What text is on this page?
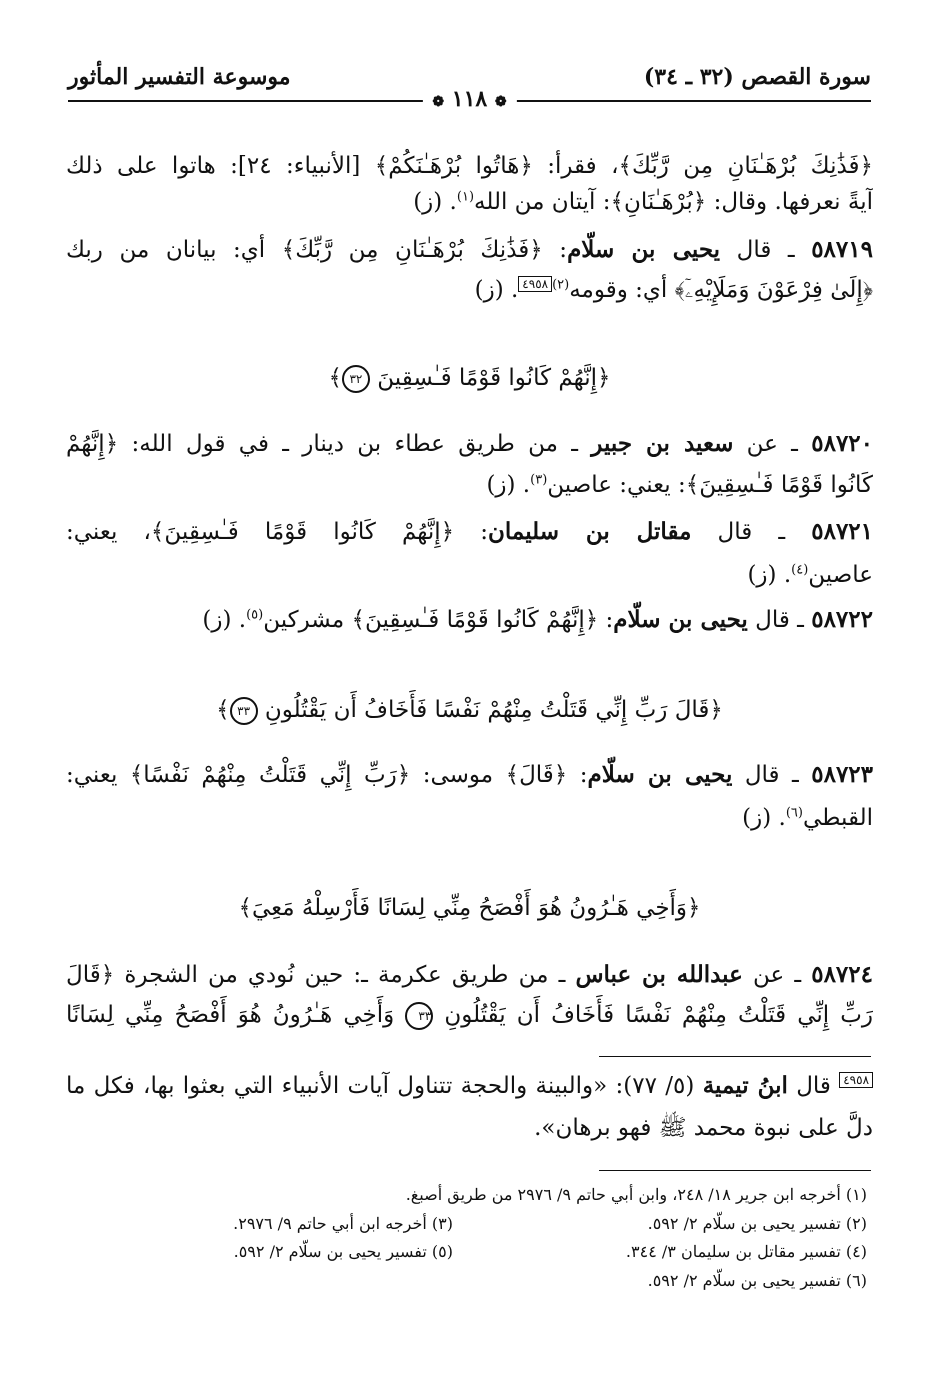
سورة القصص (٣٢ ـ ٣٤)
موسوعة التفسير المأثور
❁ ١١٨ ❁
﴿فَذَٰنِكَ بُرْهَـٰنَانِ مِن رَّبِّكَ﴾، فقرأ: ﴿هَاتُوا بُرْهَـٰنَكُمْ﴾ [الأنبياء: ٢٤]: هاتوا على ذلك
آيةً نعرفها. وقال: ﴿بُرْهَـٰنَانِ﴾: آيتان من الله$^{(١)}$. (ز)
٥٨٧١٩ ـ قال يحيى بن سلّام: ﴿فَذَٰنِكَ بُرْهَـٰنَانِ مِن رَّبِّكَ﴾ أي: بيانان من ربك
﴿إِلَىٰ فِرْعَوْنَ وَمَلَإِيْهِۦٓ﴾ أي: وقومه$^{(٢)}$٤٩٥٨. (ز)
﴿إِنَّهُمْ كَانُوا قَوْمًا فَـٰسِقِينَ ٣٢﴾
٥٨٧٢٠ ـ عن سعيد بن جبير ـ من طريق عطاء بن دينار ـ في قول الله: ﴿إِنَّهُمْ
كَانُوا قَوْمًا فَـٰسِقِينَ﴾: يعني: عاصين$^{(٣)}$. (ز)
٥٨٧٢١ ـ قال مقاتل بن سليمان: ﴿إِنَّهُمْ كَانُوا قَوْمًا فَـٰسِقِينَ﴾، يعني:
عاصين$^{(٤)}$. (ز)
٥٨٧٢٢ ـ قال يحيى بن سلّام: ﴿إِنَّهُمْ كَانُوا قَوْمًا فَـٰسِقِينَ﴾ مشركين$^{(٥)}$. (ز)
﴿قَالَ رَبِّ إِنِّي قَتَلْتُ مِنْهُمْ نَفْسًا فَأَخَافُ أَن يَقْتُلُونِ ٣٣﴾
٥٨٧٢٣ ـ قال يحيى بن سلّام: ﴿قَالَ﴾ موسى: ﴿رَبِّ إِنِّي قَتَلْتُ مِنْهُمْ نَفْسًا﴾ يعني:
القبطي$^{(٦)}$. (ز)
﴿وَأَخِي هَـٰرُونُ هُوَ أَفْصَحُ مِنِّي لِسَانًا فَأَرْسِلْهُ مَعِيَ﴾
٥٨٧٢٤ ـ عن عبدالله بن عباس ـ من طريق عكرمة ـ: حين نُودي من الشجرة ﴿قَالَ
رَبِّ إِنِّي قَتَلْتُ مِنْهُمْ نَفْسًا فَأَخَافُ أَن يَقْتُلُونِ ٣٣ وَأَخِي هَـٰرُونُ هُوَ أَفْصَحُ مِنِّي لِسَانًا
٤٩٥٨ قال ابنُ تيمية (٥/ ٧٧): «والبينة والحجة تتناول آيات الأنبياء التي بعثوا بها، فكل ما
دلَّ على نبوة محمد ﷺ فهو برهان».
(١) أخرجه ابن جرير ١٨/ ٢٤٨، وابن أبي حاتم ٩/ ٢٩٧٦ من طريق أصبغ.
(٢) تفسير يحيى بن سلّام ٢/ ٥٩٢.
(٣) أخرجه ابن أبي حاتم ٩/ ٢٩٧٦.
(٤) تفسير مقاتل بن سليمان ٣/ ٣٤٤.
(٥) تفسير يحيى بن سلّام ٢/ ٥٩٢.
(٦) تفسير يحيى بن سلّام ٢/ ٥٩٢.
